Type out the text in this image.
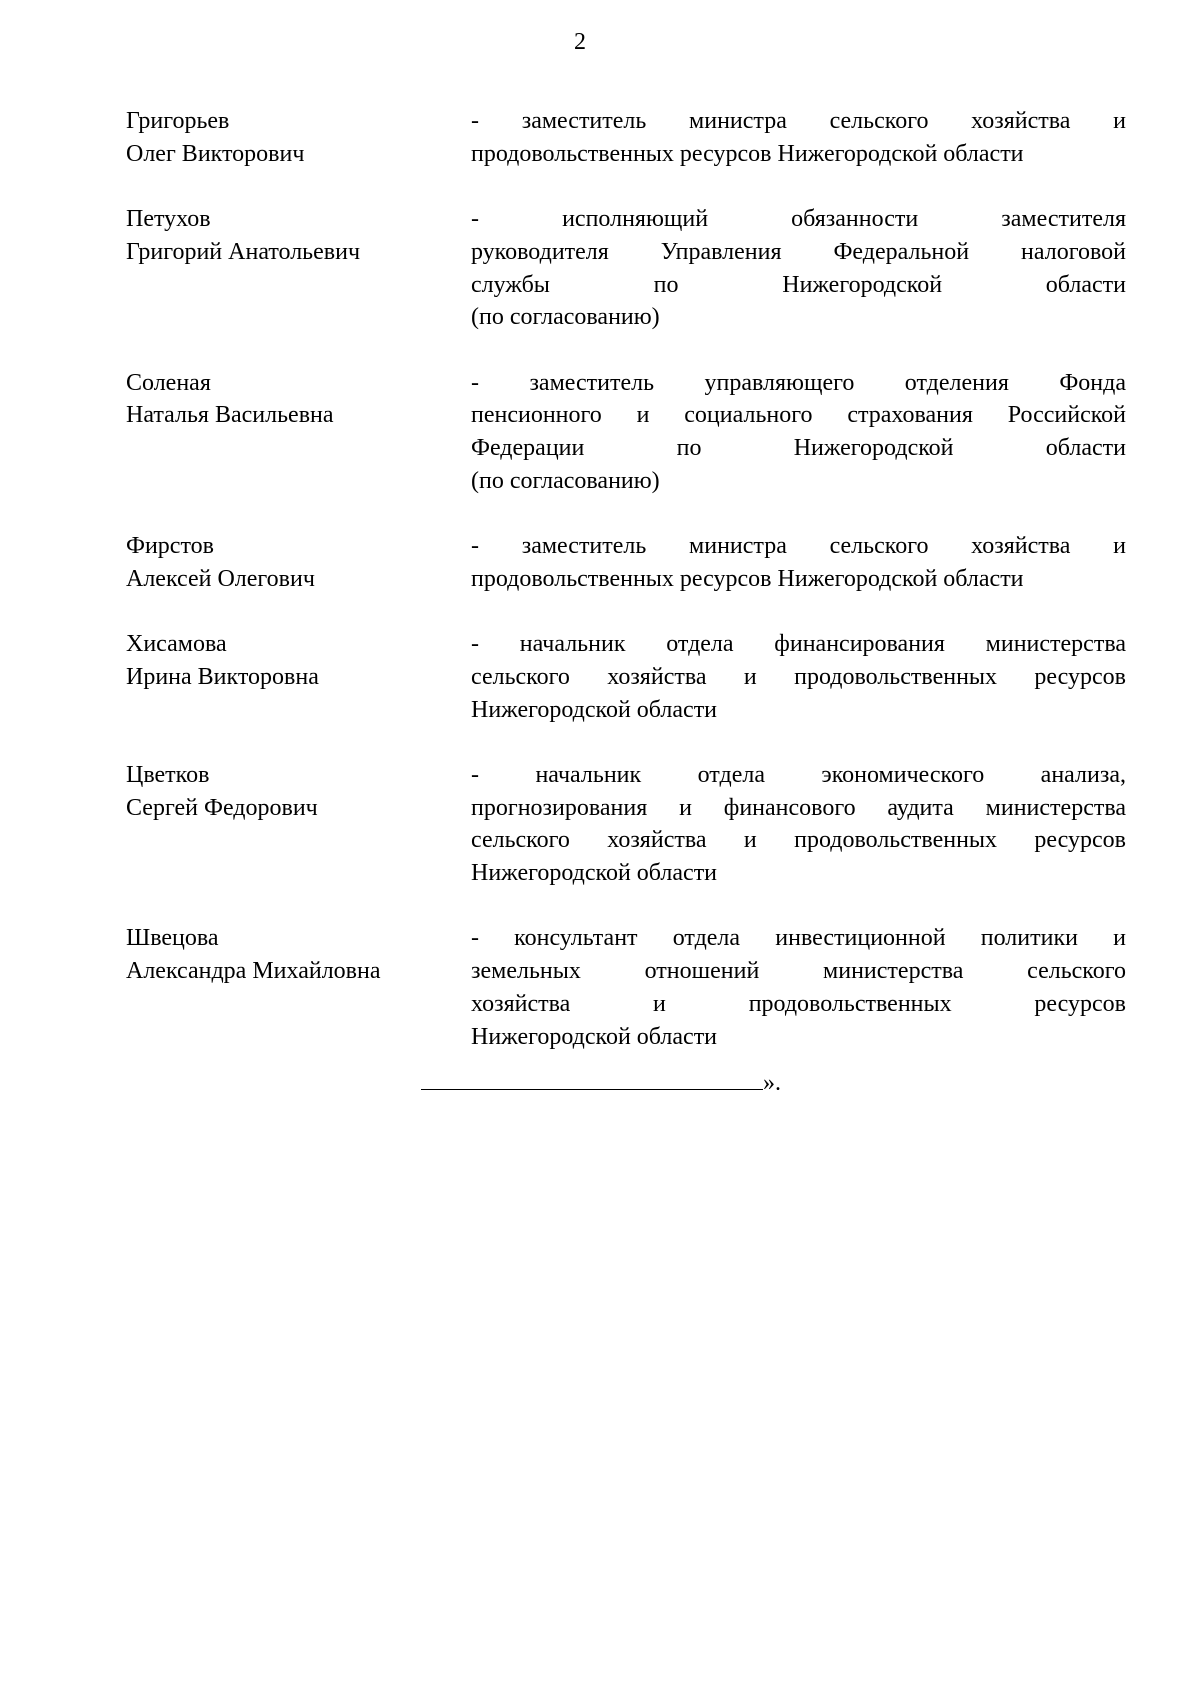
2
Григорьев
Олег Викторович
- заместитель министра сельского хозяйства и
продовольственных ресурсов Нижегородской области
Петухов
Григорий Анатольевич
- исполняющий обязанности заместителя
руководителя Управления Федеральной налоговой
службы по Нижегородской области
(по согласованию)
Соленая
Наталья Васильевна
- заместитель управляющего отделения Фонда
пенсионного и социального страхования Российской
Федерации по Нижегородской области
(по согласованию)
Фирстов
Алексей Олегович
- заместитель министра сельского хозяйства и
продовольственных ресурсов Нижегородской области
Хисамова
Ирина Викторовна
- начальник отдела финансирования министерства
сельского хозяйства и продовольственных ресурсов
Нижегородской области
Цветков
Сергей Федорович
- начальник отдела экономического анализа,
прогнозирования и финансового аудита министерства
сельского хозяйства и продовольственных ресурсов
Нижегородской области
Швецова
Александра Михайловна
- консультант отдела инвестиционной политики и
земельных отношений министерства сельского
хозяйства и продовольственных ресурсов
Нижегородской области
».
